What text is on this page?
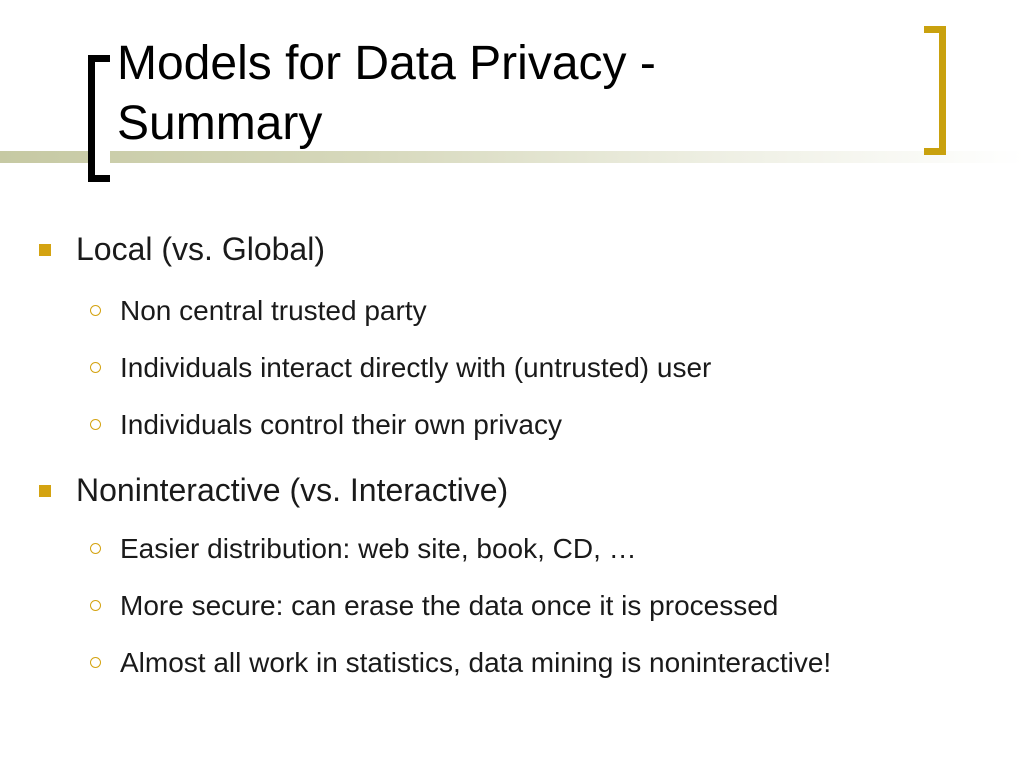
Models for Data Privacy -
Summary
Local (vs. Global)
Non central trusted party
Individuals interact directly with (untrusted) user
Individuals control their own privacy
Noninteractive (vs. Interactive)
Easier distribution: web site, book, CD, …
More secure: can erase the data once it is processed
Almost all work in statistics, data mining is noninteractive!
